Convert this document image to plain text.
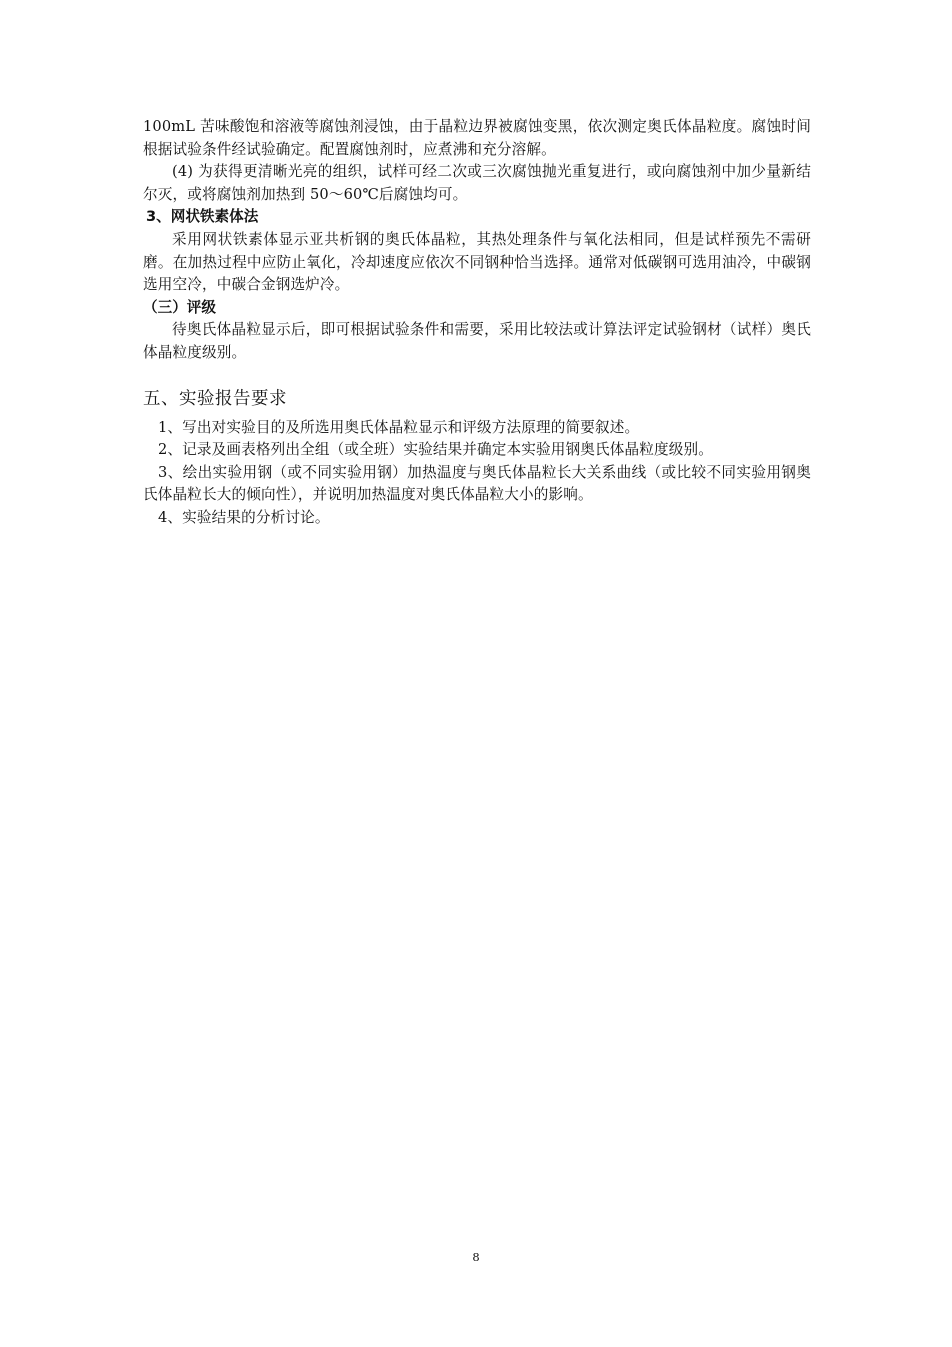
100mL 苦味酸饱和溶液等腐蚀剂浸蚀，由于晶粒边界被腐蚀变黑，依次测定奥氏体晶粒度。腐蚀时间根据试验条件经试验确定。配置腐蚀剂时，应煮沸和充分溶解。

(4) 为获得更清晰光亮的组织，试样可经二次或三次腐蚀抛光重复进行，或向腐蚀剂中加少量新结尔灭，或将腐蚀剂加热到 50～60℃后腐蚀均可。

3、网状铁素体法

采用网状铁素体显示亚共析钢的奥氏体晶粒，其热处理条件与氧化法相同，但是试样预先不需研磨。在加热过程中应防止氧化，冷却速度应依次不同钢种恰当选择。通常对低碳钢可选用油冷，中碳钢选用空冷，中碳合金钢选炉冷。

（三）评级

待奥氏体晶粒显示后，即可根据试验条件和需要，采用比较法或计算法评定试验钢材（试样）奥氏体晶粒度级别。

五、实验报告要求

1、写出对实验目的及所选用奥氏体晶粒显示和评级方法原理的简要叙述。

2、记录及画表格列出全组（或全班）实验结果并确定本实验用钢奥氏体晶粒度级别。

3、绘出实验用钢（或不同实验用钢）加热温度与奥氏体晶粒长大关系曲线（或比较不同实验用钢奥氏体晶粒长大的倾向性），并说明加热温度对奥氏体晶粒大小的影响。

4、实验结果的分析讨论。

8
